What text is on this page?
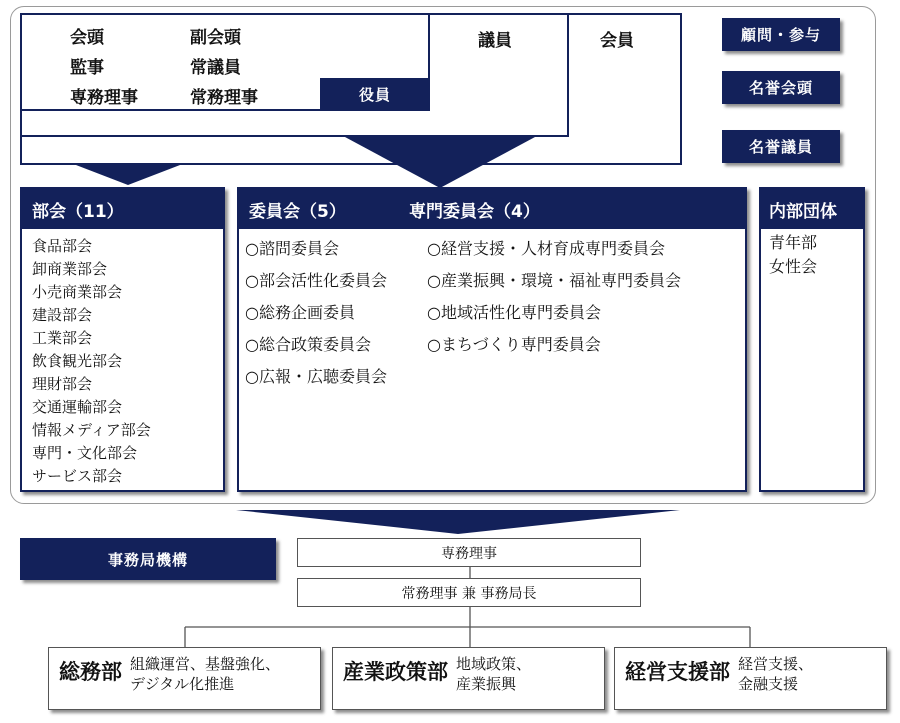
会頭
監事
専務理事
副会頭
常議員
常務理事	役員
議員	会員	顧問・参与
名誉会頭
名誉議員
部会（11）
食品部会
卸商業部会
小売商業部会
建設部会
工業部会
飲食観光部会
理財部会
交通運輸部会
情報メディア部会
専門・文化部会
サービス部会
委員会（5）	専門委員会（4）
○諮問委員会
○部会活性化委員会
○総務企画委員
○総合政策委員会
○広報・広聴委員会
○経営支援・人材育成専門委員会
○産業振興・環境・福祉専門委員会
○地域活性化専門委員会
○まちづくり専門委員会
内部団体
青年部
女性会
事務局機構	専務理事
常務理事 兼 事務局長
総務部 組織運営、基盤強化、
デジタル化推進	産業政策部 地域政策、
産業振興	経営支援部 経営支援、
金融支援
